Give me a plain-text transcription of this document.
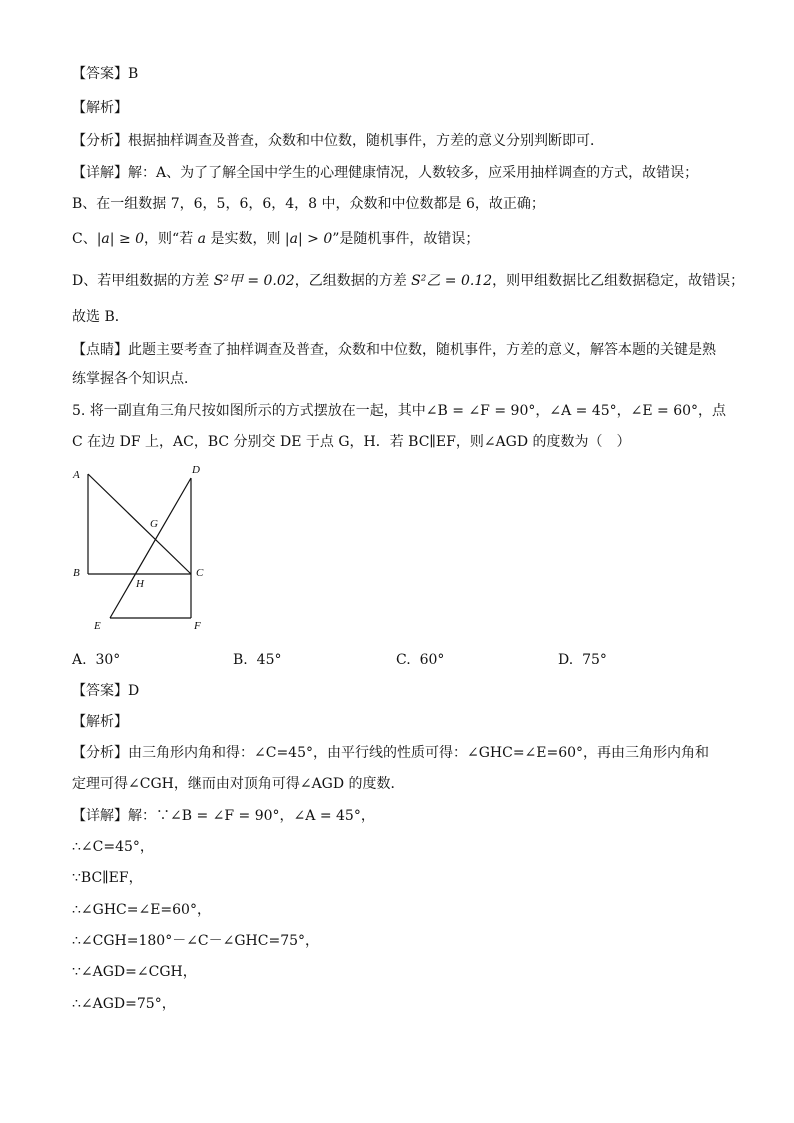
【答案】B
【解析】
【分析】根据抽样调查及普查，众数和中位数，随机事件，方差的意义分别判断即可．
【详解】解：A、为了了解全国中学生的心理健康情况，人数较多，应采用抽样调查的方式，故错误；
B、在一组数据 7，6，5，6，6，4，8 中，众数和中位数都是 6，故正确；
C、|a| ≥ 0，则“若 a 是实数，则 |a| > 0”是随机事件，故错误；
D、若甲组数据的方差 S²甲 = 0.02，乙组数据的方差 S²乙 = 0.12，则甲组数据比乙组数据稳定，故错误；
故选 B．
【点睛】此题主要考查了抽样调查及普查，众数和中位数，随机事件，方差的意义，解答本题的关键是熟
练掌握各个知识点．
5. 将一副直角三角尺按如图所示的方式摆放在一起，其中∠B = ∠F = 90°，∠A = 45°，∠E = 60°，点
C 在边 DF 上，AC，BC 分别交 DE 于点 G，H．若 BC∥EF，则∠AGD 的度数为（　）
A	D
G
B	C
H
E	F
A. 30°	B. 45°	C. 60°	D. 75°
【答案】D
【解析】
【分析】由三角形内角和得：∠C=45°，由平行线的性质可得：∠GHC=∠E=60°，再由三角形内角和
定理可得∠CGH，继而由对顶角可得∠AGD 的度数．
【详解】解：∵∠B = ∠F = 90°，∠A = 45°，
∴∠C=45°，
∵BC∥EF，
∴∠GHC=∠E=60°，
∴∠CGH=180°－∠C－∠GHC=75°，
∵∠AGD=∠CGH，
∴∠AGD=75°，
